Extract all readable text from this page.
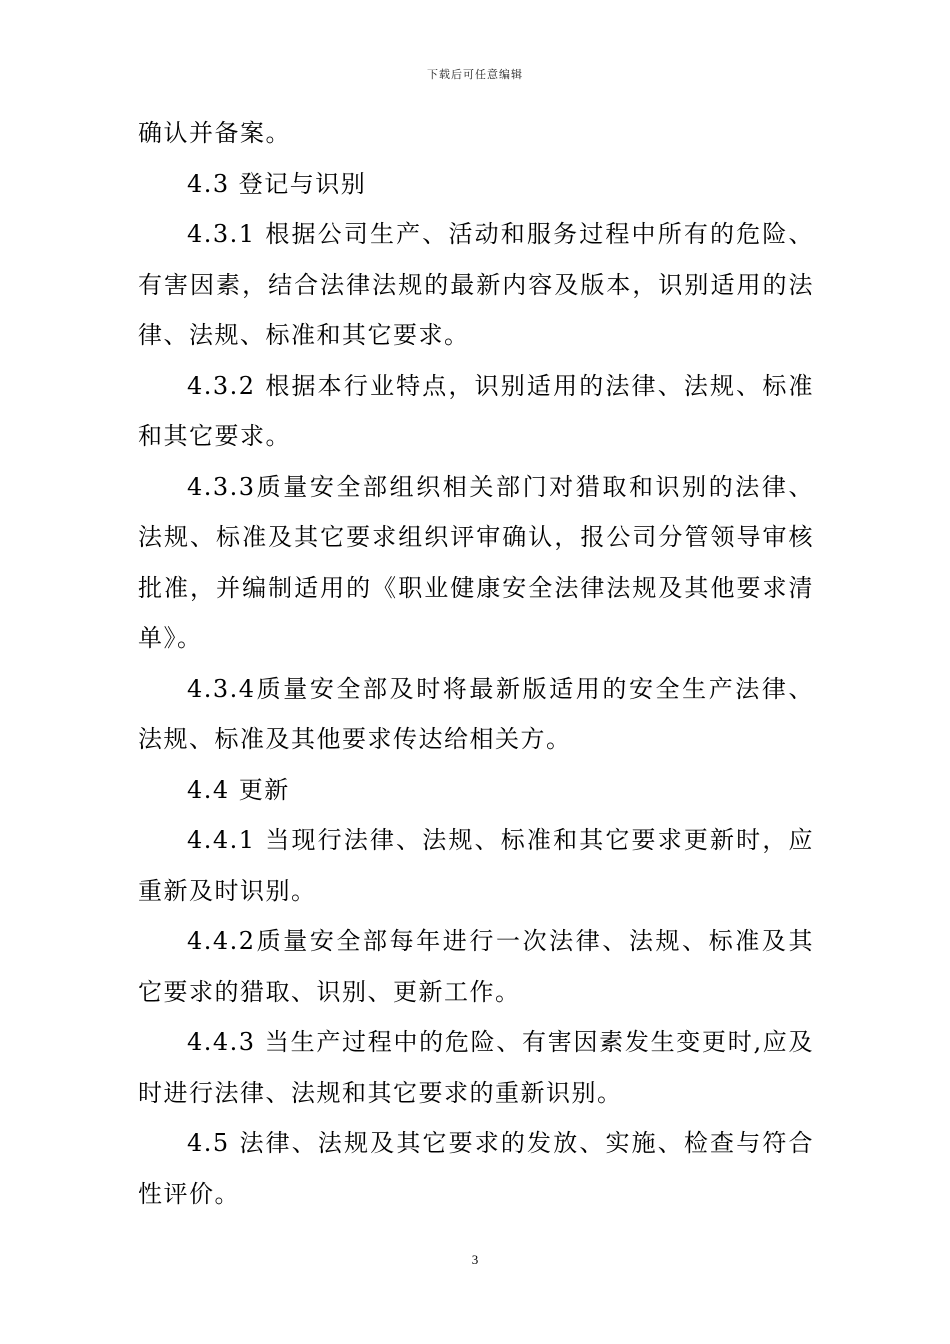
下载后可任意编辑

确认并备案。

4.3 登记与识别

4.3.1 根据公司生产、活动和服务过程中所有的危险、有害因素，结合法律法规的最新内容及版本，识别适用的法律、法规、标准和其它要求。

4.3.2 根据本行业特点，识别适用的法律、法规、标准和其它要求。

4.3.3质量安全部组织相关部门对猎取和识别的法律、法规、标准及其它要求组织评审确认，报公司分管领导审核批准，并编制适用的《职业健康安全法律法规及其他要求清单》。

4.3.4质量安全部及时将最新版适用的安全生产法律、法规、标准及其他要求传达给相关方。

4.4 更新

4.4.1 当现行法律、法规、标准和其它要求更新时，应重新及时识别。

4.4.2质量安全部每年进行一次法律、法规、标准及其它要求的猎取、识别、更新工作。

4.4.3 当生产过程中的危险、有害因素发生变更时,应及时进行法律、法规和其它要求的重新识别。

4.5 法律、法规及其它要求的发放、实施、检查与符合性评价。

3
